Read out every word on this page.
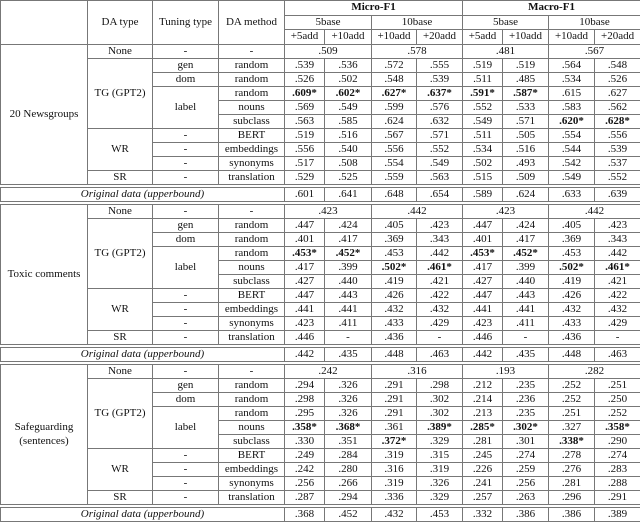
	DA type	Tuning type	DA method	Micro-F1				Macro-F1			
				5base		10base		5base		10base	
				+5add	+10add	+10add	+20add	+5add	+10add	+10add	+20add
20 Newsgroups	None	-	-	.509		.578		.481		.567	
	TG (GPT2)	gen	random	.539	.536	.572	.555	.519	.519	.564	.548
		dom	random	.526	.502	.548	.539	.511	.485	.534	.526
		label	random	.609*	.602*	.627*	.637*	.591*	.587*	.615	.627
			nouns	.569	.549	.599	.576	.552	.533	.583	.562
			subclass	.563	.585	.624	.632	.549	.571	.620*	.628*
	WR	-	BERT	.519	.516	.567	.571	.511	.505	.554	.556
		-	embeddings	.556	.540	.556	.552	.534	.516	.544	.539
		-	synonyms	.517	.508	.554	.549	.502	.493	.542	.537
	SR	-	translation	.529	.525	.559	.563	.515	.509	.549	.552

Original data (upperbound)				.601	.641	.648	.654	.589	.624	.633	.639

Toxic comments	None	-	-	.423		.442		.423		.442	
	TG (GPT2)	gen	random	.447	.424	.405	.423	.447	.424	.405	.423
		dom	random	.401	.417	.369	.343	.401	.417	.369	.343
		label	random	.453*	.452*	.453	.442	.453*	.452*	.453	.442
			nouns	.417	.399	.502*	.461*	.417	.399	.502*	.461*
			subclass	.427	.440	.419	.421	.427	.440	.419	.421
	WR	-	BERT	.447	.443	.426	.422	.447	.443	.426	.422
		-	embeddings	.441	.441	.432	.432	.441	.441	.432	.432
		-	synonyms	.423	.411	.433	.429	.423	.411	.433	.429
	SR	-	translation	.446	-	.436	-	.446	-	.436	-

Original data (upperbound)				.442	.435	.448	.463	.442	.435	.448	.463

Safeguarding (sentences)	None	-	-	.242		.316		.193		.282	
	TG (GPT2)	gen	random	.294	.326	.291	.298	.212	.235	.252	.251
		dom	random	.298	.326	.291	.302	.214	.236	.252	.250
		label	random	.295	.326	.291	.302	.213	.235	.251	.252
			nouns	.358*	.368*	.361	.389*	.285*	.302*	.327	.358*
			subclass	.330	.351	.372*	.329	.281	.301	.338*	.290
	WR	-	BERT	.249	.284	.319	.315	.245	.274	.278	.274
		-	embeddings	.242	.280	.316	.319	.226	.259	.276	.283
		-	synonyms	.256	.266	.319	.326	.241	.256	.281	.288
	SR	-	translation	.287	.294	.336	.329	.257	.263	.296	.291

Original data (upperbound)				.368	.452	.432	.453	.332	.386	.386	.389
